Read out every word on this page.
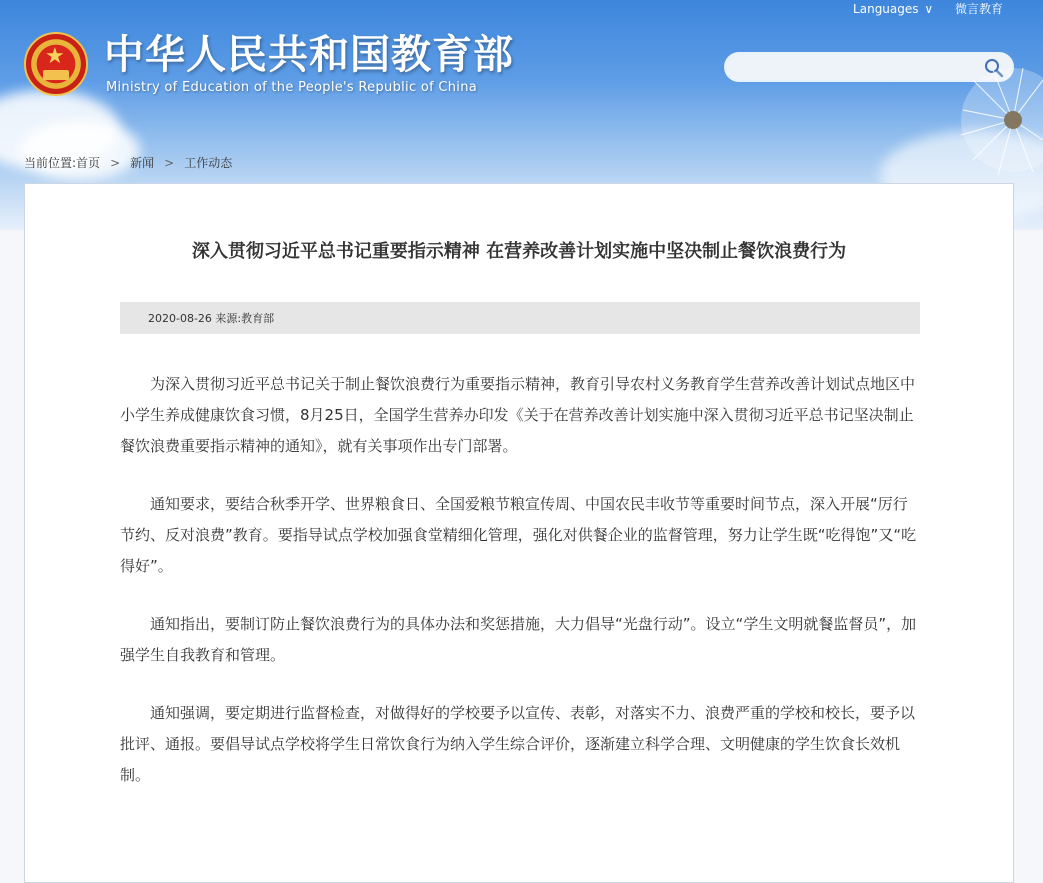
Languages ∨ 微言教育
★ 中华人民共和国教育部
Ministry of Education of the People's Republic of China
当前位置:首页 > 新闻 > 工作动态
深入贯彻习近平总书记重要指示精神 在营养改善计划实施中坚决制止餐饮浪费行为
2020-08-26 来源:教育部

为深入贯彻习近平总书记关于制止餐饮浪费行为重要指示精神，教育引导农村义务教育学生营养改善计划试点地区中小学生养成健康饮食习惯，8月25日，全国学生营养办印发《关于在营养改善计划实施中深入贯彻习近平总书记坚决制止餐饮浪费重要指示精神的通知》，就有关事项作出专门部署。

通知要求，要结合秋季开学、世界粮食日、全国爱粮节粮宣传周、中国农民丰收节等重要时间节点，深入开展“厉行节约、反对浪费”教育。要指导试点学校加强食堂精细化管理，强化对供餐企业的监督管理，努力让学生既“吃得饱”又“吃得好”。

通知指出，要制订防止餐饮浪费行为的具体办法和奖惩措施，大力倡导“光盘行动”。设立“学生文明就餐监督员”，加强学生自我教育和管理。

通知强调，要定期进行监督检查，对做得好的学校要予以宣传、表彰，对落实不力、浪费严重的学校和校长，要予以批评、通报。要倡导试点学校将学生日常饮食行为纳入学生综合评价，逐渐建立科学合理、文明健康的学生饮食长效机制。
